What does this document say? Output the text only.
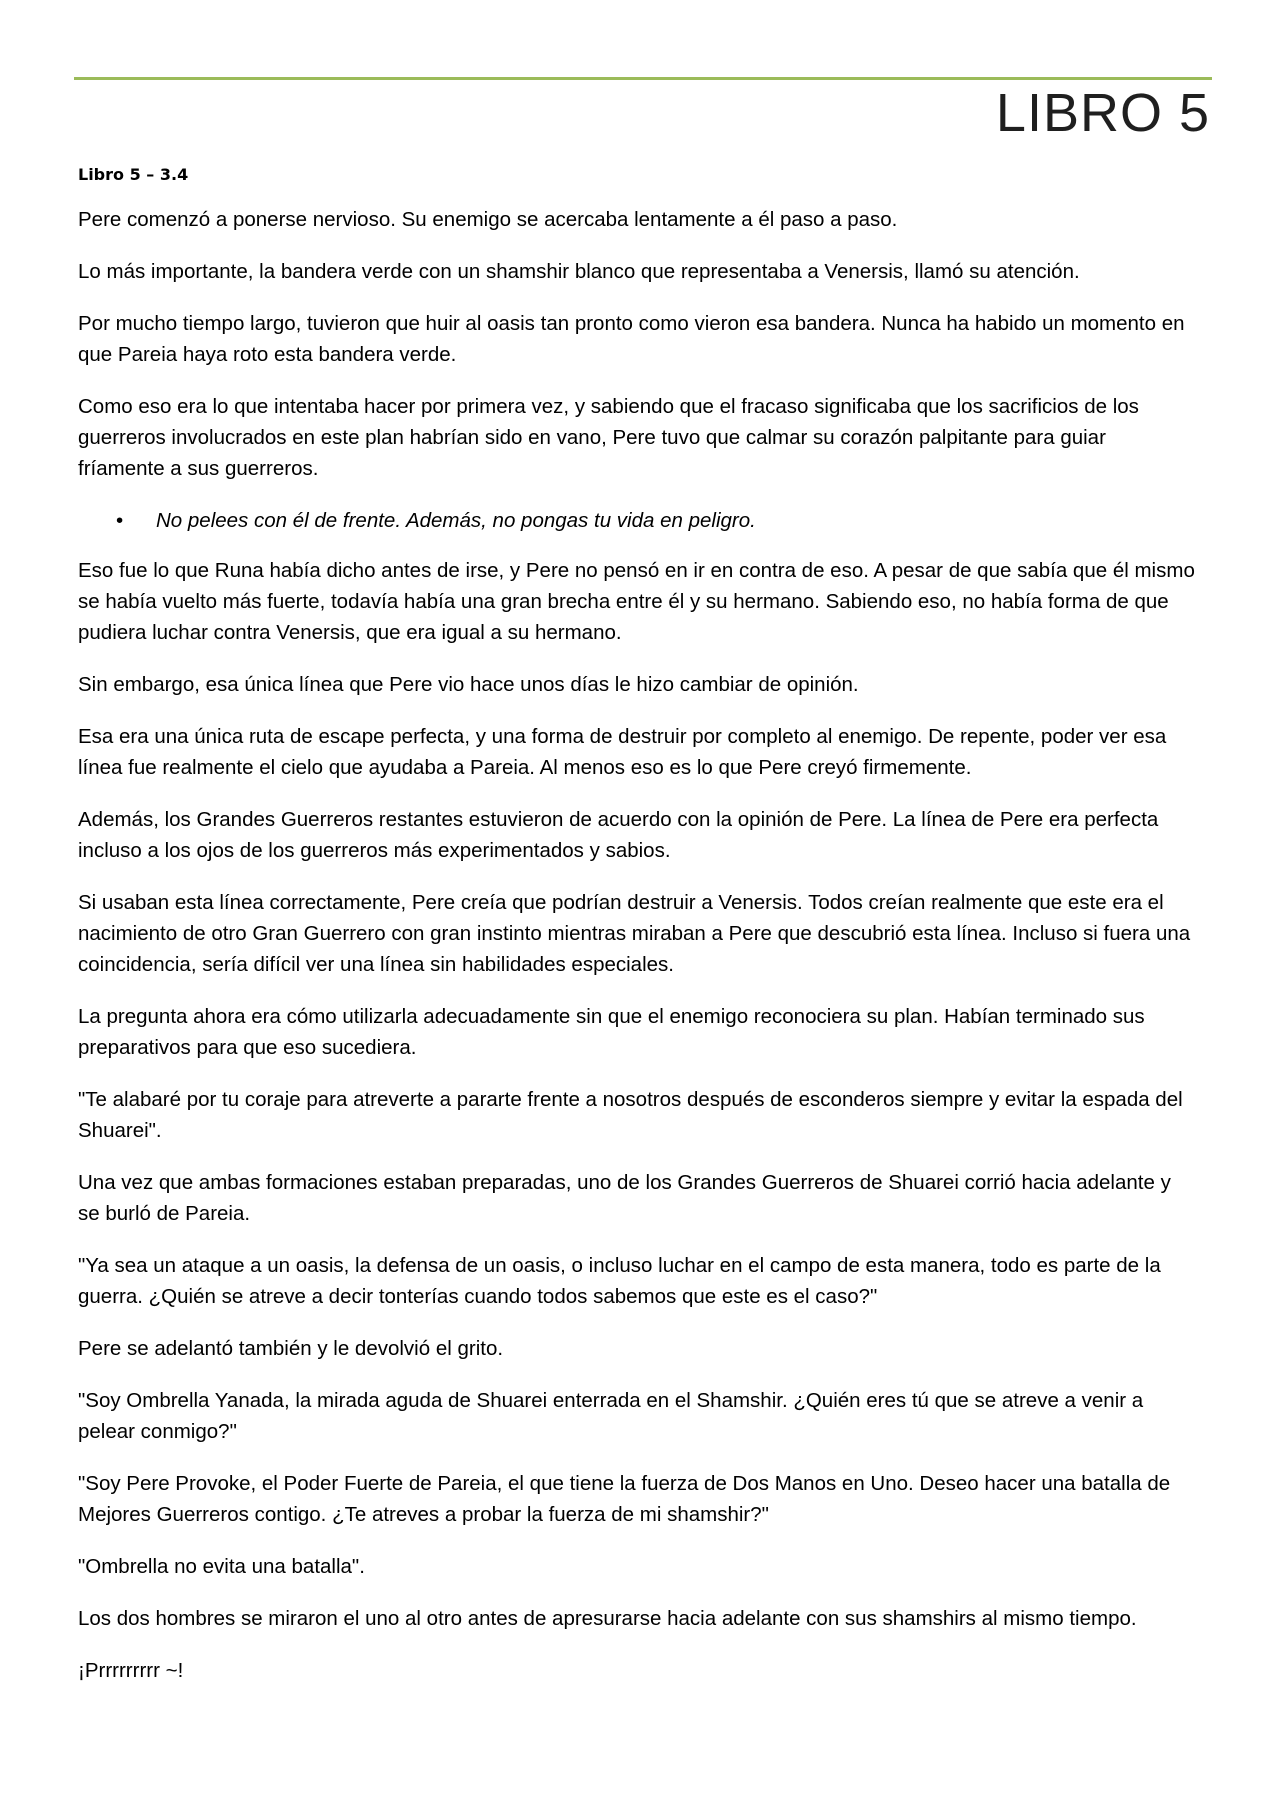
LIBRO 5
Libro 5 – 3.4

Pere comenzó a ponerse nervioso. Su enemigo se acercaba lentamente a él paso a paso.

Lo más importante, la bandera verde con un shamshir blanco que representaba a Venersis, llamó su atención.

Por mucho tiempo largo, tuvieron que huir al oasis tan pronto como vieron esa bandera. Nunca ha habido un momento en que Pareia haya roto esta bandera verde.

Como eso era lo que intentaba hacer por primera vez, y sabiendo que el fracaso significaba que los sacrificios de los guerreros involucrados en este plan habrían sido en vano, Pere tuvo que calmar su corazón palpitante para guiar fríamente a sus guerreros.

•	No pelees con él de frente. Además, no pongas tu vida en peligro.

Eso fue lo que Runa había dicho antes de irse, y Pere no pensó en ir en contra de eso. A pesar de que sabía que él mismo se había vuelto más fuerte, todavía había una gran brecha entre él y su hermano. Sabiendo eso, no había forma de que pudiera luchar contra Venersis, que era igual a su hermano.

Sin embargo, esa única línea que Pere vio hace unos días le hizo cambiar de opinión.

Esa era una única ruta de escape perfecta, y una forma de destruir por completo al enemigo. De repente, poder ver esa línea fue realmente el cielo que ayudaba a Pareia. Al menos eso es lo que Pere creyó firmemente.

Además, los Grandes Guerreros restantes estuvieron de acuerdo con la opinión de Pere. La línea de Pere era perfecta incluso a los ojos de los guerreros más experimentados y sabios.

Si usaban esta línea correctamente, Pere creía que podrían destruir a Venersis. Todos creían realmente que este era el nacimiento de otro Gran Guerrero con gran instinto mientras miraban a Pere que descubrió esta línea. Incluso si fuera una coincidencia, sería difícil ver una línea sin habilidades especiales.

La pregunta ahora era cómo utilizarla adecuadamente sin que el enemigo reconociera su plan. Habían terminado sus preparativos para que eso sucediera.

"Te alabaré por tu coraje para atreverte a pararte frente a nosotros después de esconderos siempre y evitar la espada del Shuarei".

Una vez que ambas formaciones estaban preparadas, uno de los Grandes Guerreros de Shuarei corrió hacia adelante y se burló de Pareia.

"Ya sea un ataque a un oasis, la defensa de un oasis, o incluso luchar en el campo de esta manera, todo es parte de la guerra. ¿Quién se atreve a decir tonterías cuando todos sabemos que este es el caso?"

Pere se adelantó también y le devolvió el grito.

"Soy Ombrella Yanada, la mirada aguda de Shuarei enterrada en el Shamshir. ¿Quién eres tú que se atreve a venir a pelear conmigo?"

"Soy Pere Provoke, el Poder Fuerte de Pareia, el que tiene la fuerza de Dos Manos en Uno. Deseo hacer una batalla de Mejores Guerreros contigo. ¿Te atreves a probar la fuerza de mi shamshir?"

"Ombrella no evita una batalla".

Los dos hombres se miraron el uno al otro antes de apresurarse hacia adelante con sus shamshirs al mismo tiempo.

¡Prrrrrrrrr ~!
